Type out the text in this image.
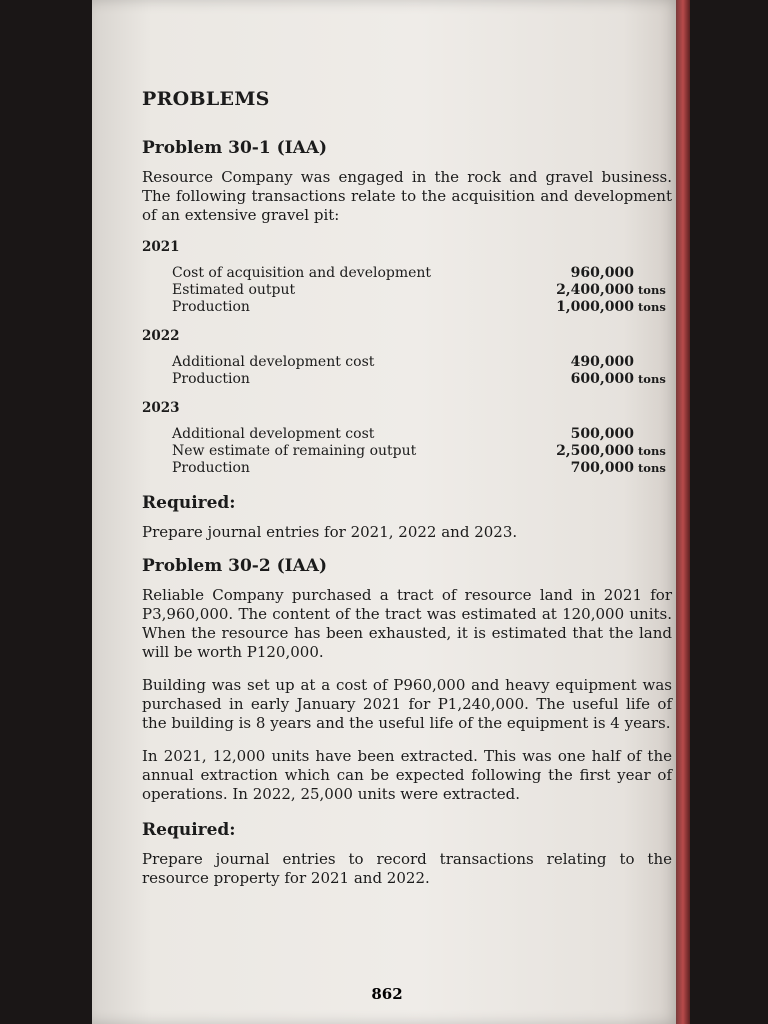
PROBLEMS
Problem 30-1 (IAA)
Resource Company was engaged in the rock and gravel business. The following transactions relate to the acquisition and development of an extensive gravel pit:
2021
Cost of acquisition and development	960,000
Estimated output	2,400,000 tons
Production	1,000,000 tons
2022
Additional development cost	490,000
Production	600,000 tons
2023
Additional development cost	500,000
New estimate of remaining output	2,500,000 tons
Production	700,000 tons
Required:
Prepare journal entries for 2021, 2022 and 2023.
Problem 30-2 (IAA)
Reliable Company purchased a tract of resource land in 2021 for P3,960,000. The content of the tract was estimated at 120,000 units. When the resource has been exhausted, it is estimated that the land will be worth P120,000.
Building was set up at a cost of P960,000 and heavy equipment was purchased in early January 2021 for P1,240,000. The useful life of the building is 8 years and the useful life of the equipment is 4 years.
In 2021, 12,000 units have been extracted. This was one half of the annual extraction which can be expected following the first year of operations. In 2022, 25,000 units were extracted.
Required:
Prepare journal entries to record transactions relating to the resource property for 2021 and 2022.
862
